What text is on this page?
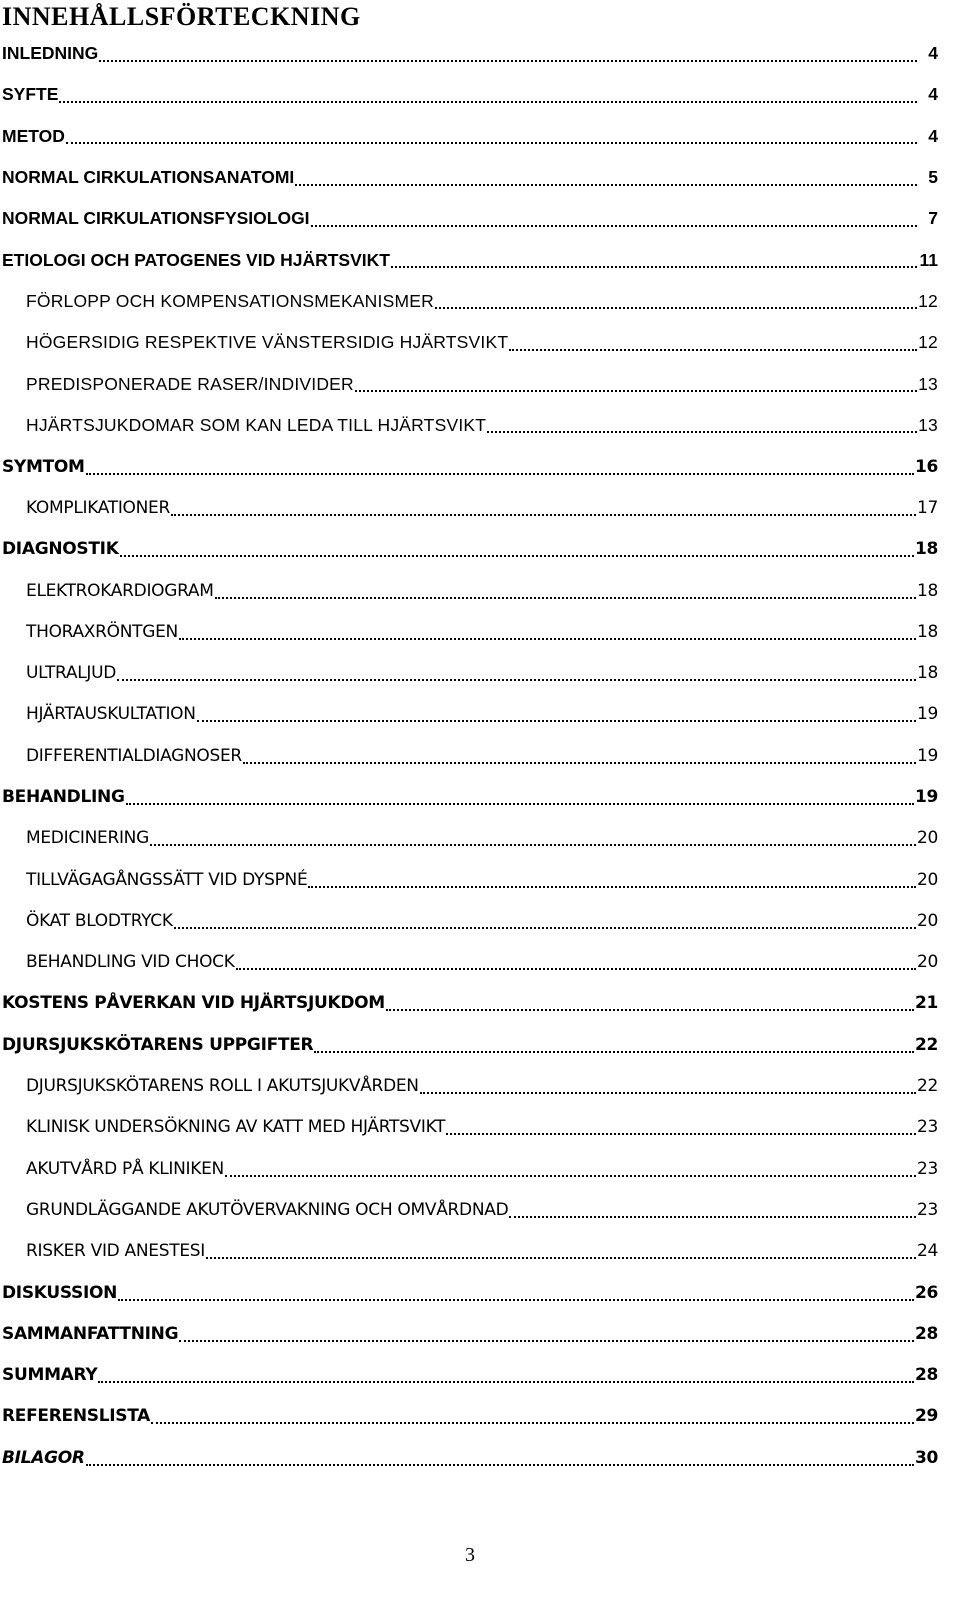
INNEHÅLLSFÖRTECKNING
INLEDNING	4
SYFTE	4
METOD	4
NORMAL CIRKULATIONSANATOMI	5
NORMAL CIRKULATIONSFYSIOLOGI	7
ETIOLOGI OCH PATOGENES VID HJÄRTSVIKT	11
FÖRLOPP OCH KOMPENSATIONSMEKANISMER	12
HÖGERSIDIG RESPEKTIVE VÄNSTERSIDIG HJÄRTSVIKT	12
PREDISPONERADE RASER/INDIVIDER	13
HJÄRTSJUKDOMAR SOM KAN LEDA TILL HJÄRTSVIKT	13
SYMTOM	16
KOMPLIKATIONER	17
DIAGNOSTIK	18
ELEKTROKARDIOGRAM	18
THORAXRÖNTGEN	18
ULTRALJUD	18
HJÄRTAUSKULTATION	19
DIFFERENTIALDIAGNOSER	19
BEHANDLING	19
MEDICINERING	20
TILLVÄGAGÅNGSSÄTT VID DYSPNÉ	20
ÖKAT BLODTRYCK	20
BEHANDLING VID CHOCK	20
KOSTENS PÅVERKAN VID HJÄRTSJUKDOM	21
DJURSJUKSKÖTARENS UPPGIFTER	22
DJURSJUKSKÖTARENS ROLL I AKUTSJUKVÅRDEN	22
KLINISK UNDERSÖKNING AV KATT MED HJÄRTSVIKT	23
AKUTVÅRD PÅ KLINIKEN	23
GRUNDLÄGGANDE AKUTÖVERVAKNING OCH OMVÅRDNAD	23
RISKER VID ANESTESI	24
DISKUSSION	26
SAMMANFATTNING	28
SUMMARY	28
REFERENSLISTA	29
BILAGOR	30
3
